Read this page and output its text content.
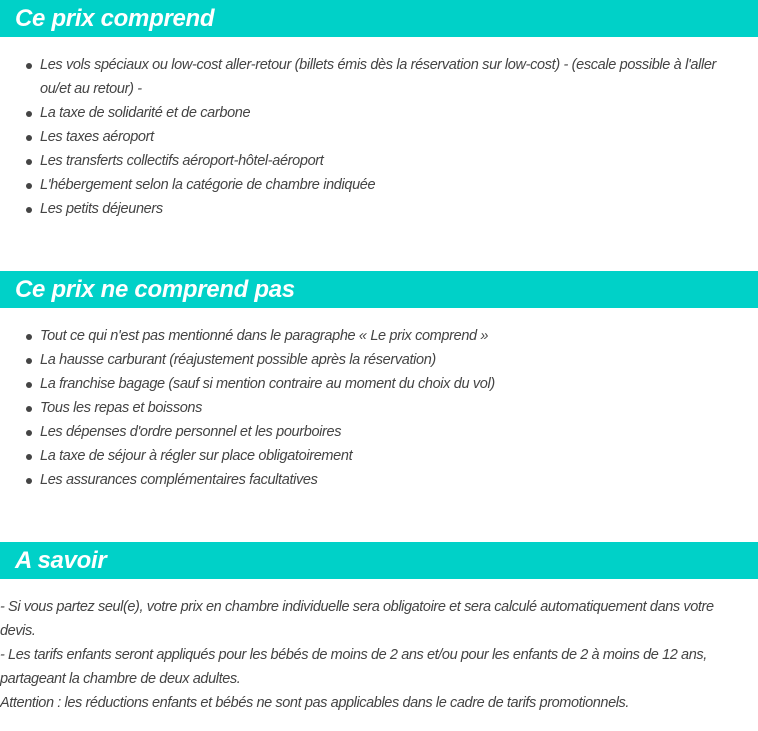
Ce prix comprend
Les vols spéciaux ou low-cost aller-retour (billets émis dès la réservation sur low-cost) - (escale possible à l'aller ou/et au retour) -
La taxe de solidarité et de carbone
Les taxes aéroport
Les transferts collectifs aéroport-hôtel-aéroport
L'hébergement selon la catégorie de chambre indiquée
Les petits déjeuners
Ce prix ne comprend pas
Tout ce qui n'est pas mentionné dans le paragraphe « Le prix comprend »
La hausse carburant (réajustement possible après la réservation)
La franchise bagage (sauf si mention contraire au moment du choix du vol)
Tous les repas et boissons
Les dépenses d'ordre personnel et les pourboires
La taxe de séjour à régler sur place obligatoirement
Les assurances complémentaires facultatives
A savoir

- Si vous partez seul(e), votre prix en chambre individuelle sera obligatoire et sera calculé automatiquement dans votre devis.

- Les tarifs enfants seront appliqués pour les bébés de moins de 2 ans et/ou pour les enfants de 2 à moins de 12 ans, partageant la chambre de deux adultes.

Attention : les réductions enfants et bébés ne sont pas applicables dans le cadre de tarifs promotionnels.
